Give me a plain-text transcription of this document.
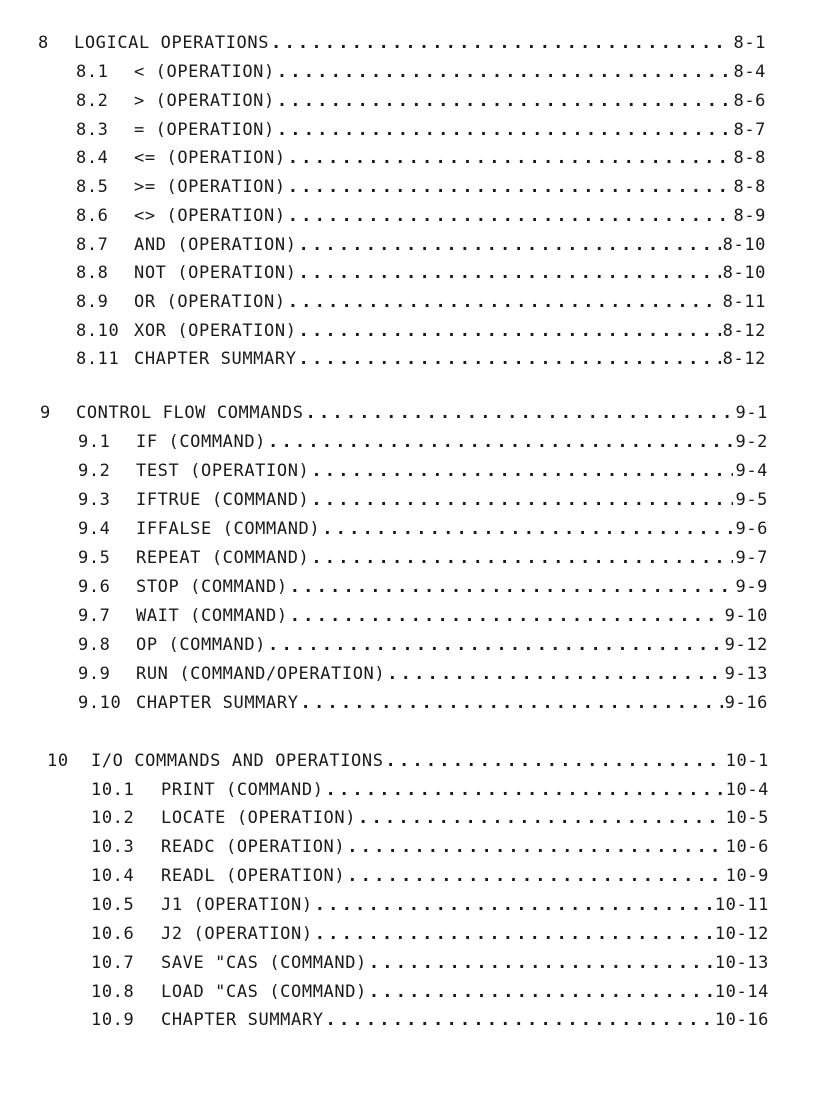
8	LOGICAL OPERATIONS .....	8-1
8.1	< (OPERATION) .....	8-4
8.2	> (OPERATION) .....	8-6
8.3	= (OPERATION) .....	8-7
8.4	<= (OPERATION) .....	8-8
8.5	>= (OPERATION) .....	8-8
8.6	<> (OPERATION) .....	8-9
8.7	AND (OPERATION) .....	8-10
8.8	NOT (OPERATION) .....	8-10
8.9	OR (OPERATION) .....	8-11
8.10 XOR (OPERATION) .....	8-12
8.11 CHAPTER SUMMARY .....	8-12
9	CONTROL FLOW COMMANDS .....	9-1
9.1	IF (COMMAND) .....	9-2
9.2	TEST (OPERATION) .....	9-4
9.3	IFTRUE (COMMAND) .....	9-5
9.4	IFFALSE (COMMAND) .....	9-6
9.5	REPEAT (COMMAND) .....	9-7
9.6	STOP (COMMAND) .....	9-9
9.7	WAIT (COMMAND) .....	9-10
9.8	OP (COMMAND) .....	9-12
9.9	RUN (COMMAND/OPERATION) .....	9-13
9.10 CHAPTER SUMMARY .....	9-16
10	I/O COMMANDS AND OPERATIONS .....	10-1
10.1	PRINT (COMMAND) .....	10-4
10.2	LOCATE (OPERATION) .....	10-5
10.3	READC (OPERATION) .....	10-6
10.4	READL (OPERATION) .....	10-9
10.5	J1 (OPERATION) .....	10-11
10.6	J2 (OPERATION) .....	10-12
10.7	SAVE "CAS (COMMAND) .....	10-13
10.8	LOAD "CAS (COMMAND) .....	10-14
10.9	CHAPTER SUMMARY .....	10-16
